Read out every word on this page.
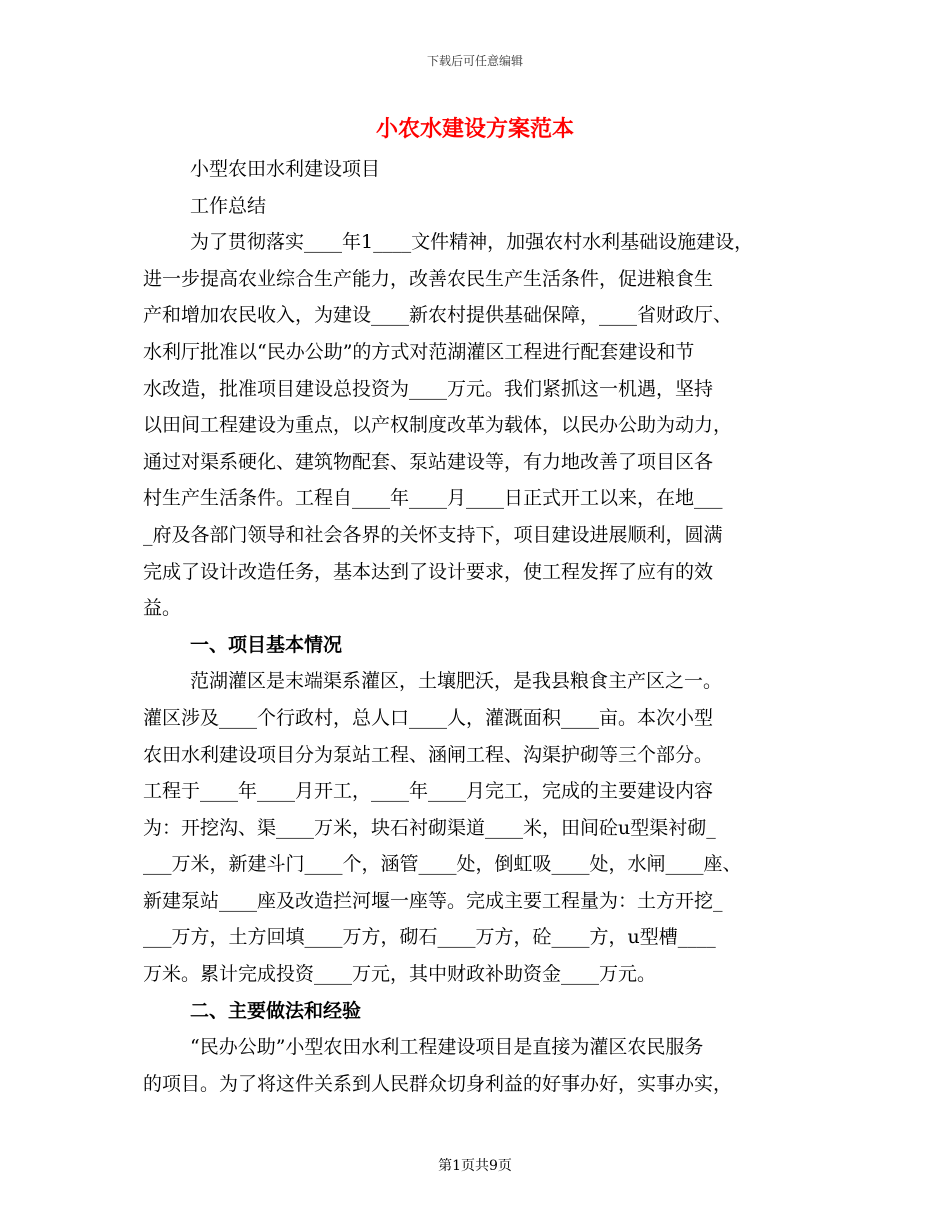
下载后可任意编辑
小农水建设方案范本
小型农田水利建设项目
工作总结
为了贯彻落实____年1____文件精神，加强农村水利基础设施建设，
进一步提高农业综合生产能力，改善农民生产生活条件，促进粮食生
产和增加农民收入，为建设____新农村提供基础保障，____省财政厅、
水利厅批准以“民办公助”的方式对范湖灌区工程进行配套建设和节
水改造，批准项目建设总投资为____万元。我们紧抓这一机遇，坚持
以田间工程建设为重点，以产权制度改革为载体，以民办公助为动力，
通过对渠系硬化、建筑物配套、泵站建设等，有力地改善了项目区各
村生产生活条件。工程自____年____月____日正式开工以来，在地___
_府及各部门领导和社会各界的关怀支持下，项目建设进展顺利，圆满
完成了设计改造任务，基本达到了设计要求，使工程发挥了应有的效
益。
一、项目基本情况
范湖灌区是末端渠系灌区，土壤肥沃，是我县粮食主产区之一。
灌区涉及____个行政村，总人口____人，灌溉面积____亩。本次小型
农田水利建设项目分为泵站工程、涵闸工程、沟渠护砌等三个部分。
工程于____年____月开工，____年____月完工，完成的主要建设内容
为：开挖沟、渠____万米，块石衬砌渠道____米，田间砼u型渠衬砌_
___万米，新建斗门____个，涵管____处，倒虹吸____处，水闸____座、
新建泵站____座及改造拦河堰一座等。完成主要工程量为：土方开挖_
___万方，土方回填____万方，砌石____万方，砼____方，u型槽____
万米。累计完成投资____万元，其中财政补助资金____万元。
二、主要做法和经验
“民办公助”小型农田水利工程建设项目是直接为灌区农民服务
的项目。为了将这件关系到人民群众切身利益的好事办好，实事办实，
第1页共9页
